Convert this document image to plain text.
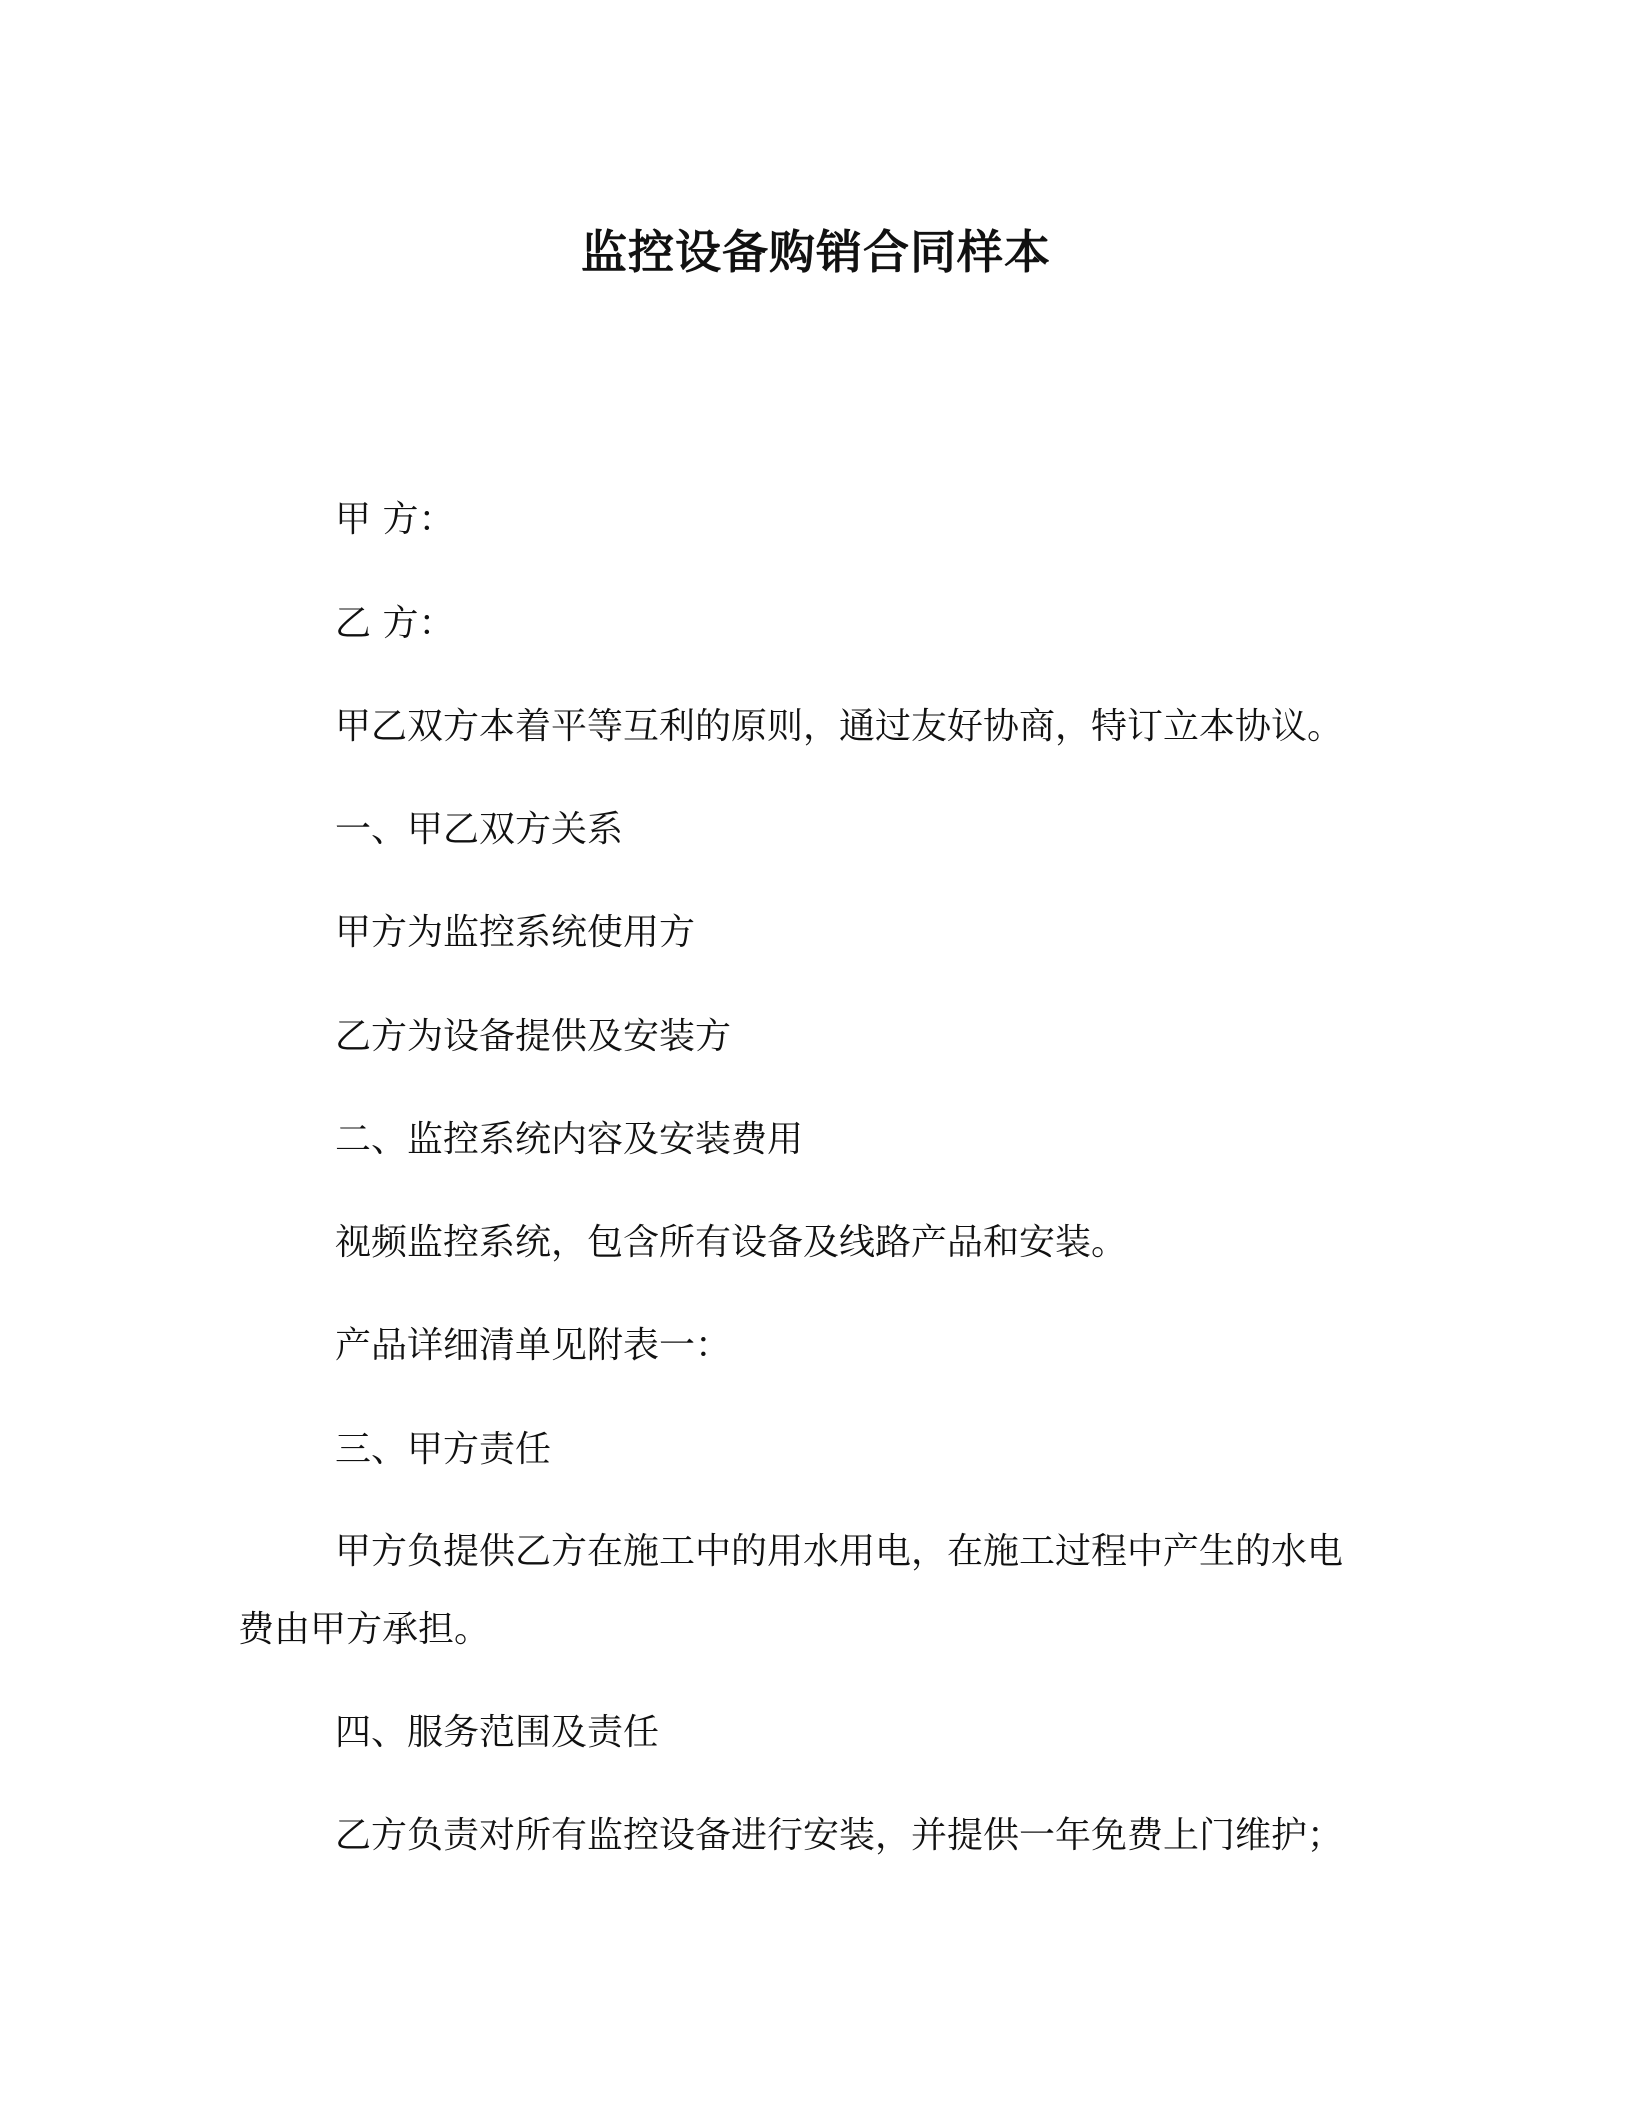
监控设备购销合同样本

甲 方：

乙 方：

甲乙双方本着平等互利的原则，通过友好协商，特订立本协议。

一、甲乙双方关系

甲方为监控系统使用方

乙方为设备提供及安装方

二、监控系统内容及安装费用

视频监控系统，包含所有设备及线路产品和安装。

产品详细清单见附表一：

三、甲方责任

甲方负提供乙方在施工中的用水用电，在施工过程中产生的水电费由甲方承担。

四、服务范围及责任

乙方负责对所有监控设备进行安装，并提供一年免费上门维护；
